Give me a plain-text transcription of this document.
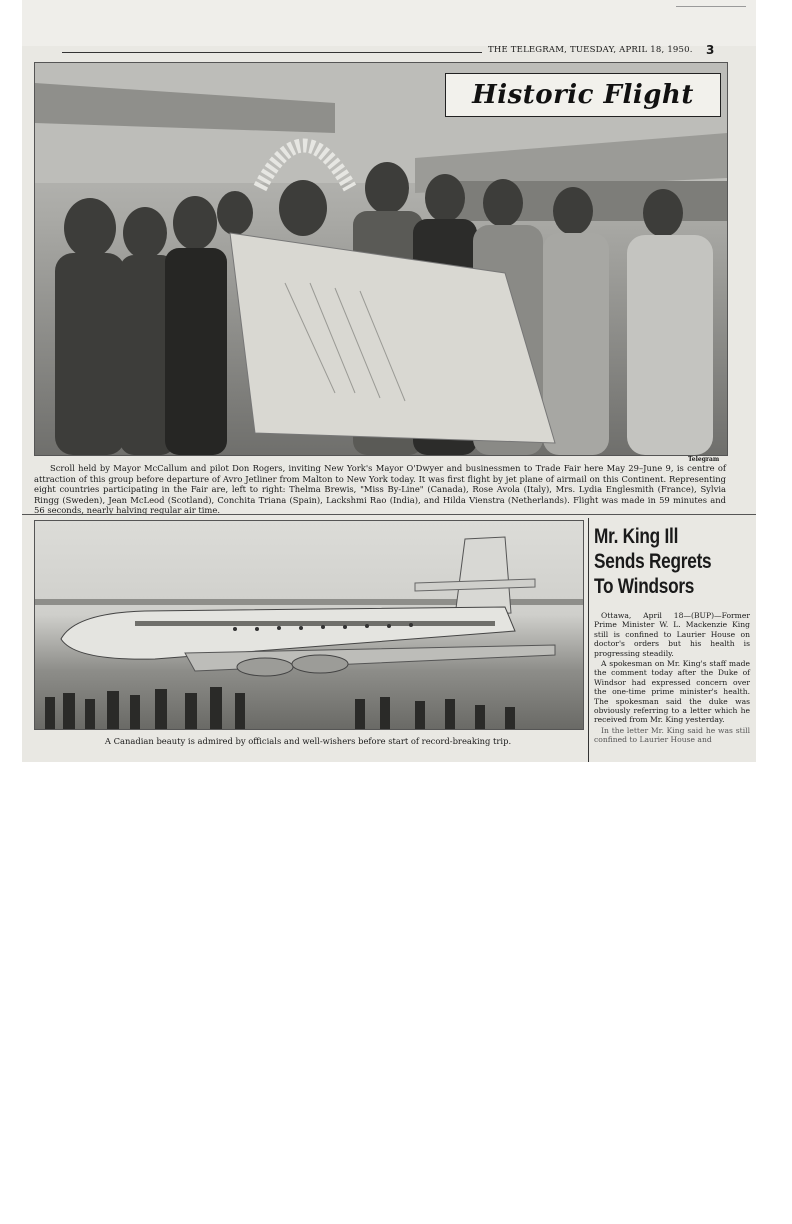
THE TELEGRAM, TUESDAY, APRIL 18, 1950. 3
Historic Flight
Telegram
Scroll held by Mayor McCallum and pilot Don Rogers, inviting New York's Mayor O'Dwyer and businessmen to Trade Fair here May 29–June 9, is centre of attraction of this group before departure of Avro Jetliner from Malton to New York today. It was first flight by jet plane of airmail on this Continent. Representing eight countries participating in the Fair are, left to right: Thelma Brewis, "Miss By-Line" (Canada), Rose Avola (Italy), Mrs. Lydia Englesmith (France), Sylvia Ringg (Sweden), Jean McLeod (Scotland), Conchita Triana (Spain), Lackshmi Rao (India), and Hilda Vienstra (Netherlands). Flight was made in 59 minutes and 56 seconds, nearly halving regular air time.
A Canadian beauty is admired by officials and well-wishers before start of record-breaking trip.
Mr. King Ill
Sends Regrets
To Windsors

Ottawa, April 18—(BUP)—Former Prime Minister W. L. Mackenzie King still is confined to Laurier House on doctor's orders but his health is progressing steadily.

A spokesman on Mr. King's staff made the comment today after the Duke of Windsor had expressed concern over the one-time prime minister's health. The spokesman said the duke was obviously referring to a letter which he received from Mr. King yesterday.

In the letter Mr. King said he was still confined to Laurier House and
